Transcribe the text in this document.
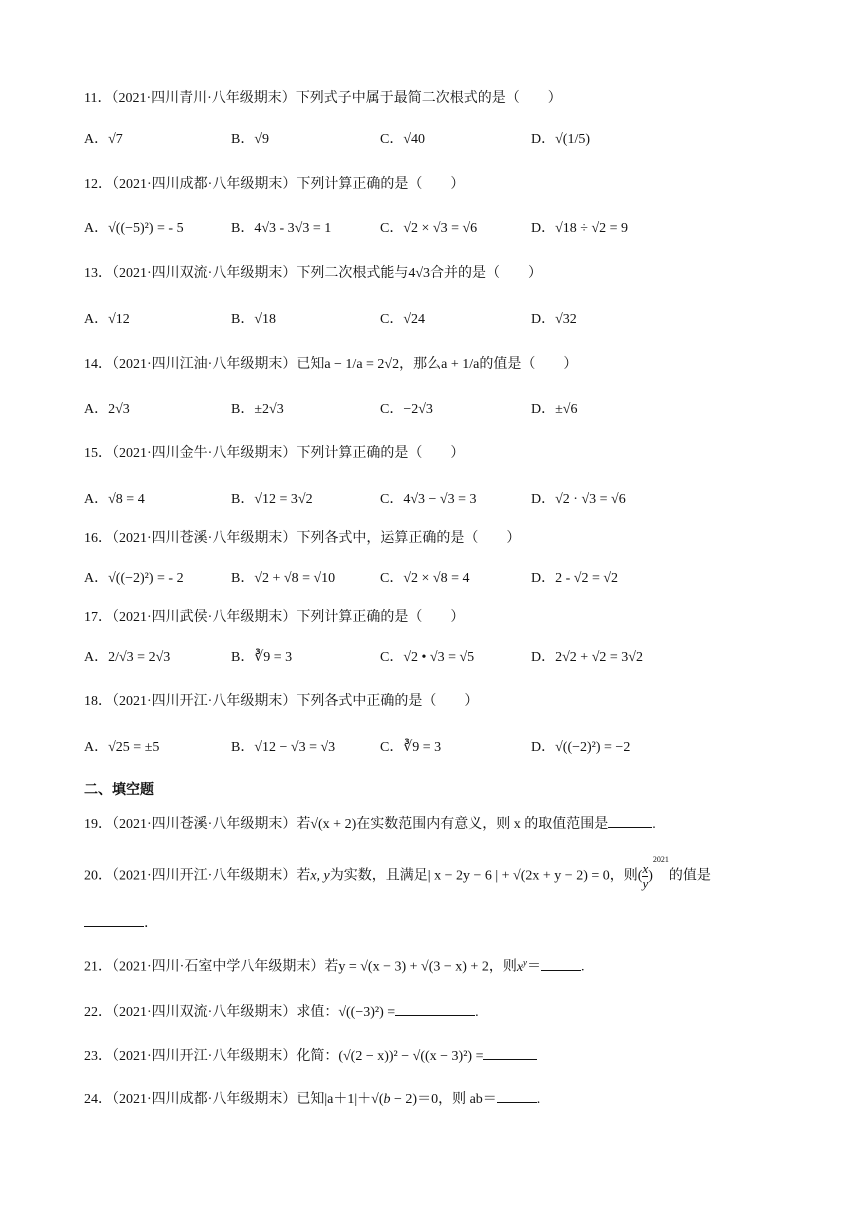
11．（2021·四川青川·八年级期末）下列式子中属于最简二次根式的是（　　）
A．√7	B．√9	C．√40	D．√(1/5)
12．（2021·四川成都·八年级期末）下列计算正确的是（　　）
A．√((−5)²) = - 5	B．4√3 - 3√3 = 1	C．√2 × √3 = √6	D．√18 ÷ √2 = 9
13．（2021·四川双流·八年级期末）下列二次根式能与4√3合并的是（　　）
A．√12	B．√18	C．√24	D．√32
14．（2021·四川江油·八年级期末）已知a − 1/a = 2√2，那么a + 1/a的值是（　　）
A．2√3	B．±2√3	C．−2√3	D．±√6
15．（2021·四川金牛·八年级期末）下列计算正确的是（　　）
A．√8 = 4	B．√12 = 3√2	C．4√3 − √3 = 3	D．√2 · √3 = √6
16．（2021·四川苍溪·八年级期末）下列各式中，运算正确的是（　　）
A．√((−2)²) = - 2	B．√2 + √8 = √10	C．√2 × √8 = 4	D．2 - √2 = √2
17．（2021·四川武侯·八年级期末）下列计算正确的是（　　）
A．2/√3 = 2√3	B．∛9 = 3	C．√2 • √3 = √5	D．2√2 + √2 = 3√2
18．（2021·四川开江·八年级期末）下列各式中正确的是（　　）
A．√25 = ±5	B．√12 − √3 = √3	C．∛9 = 3	D．√((−2)²) = −2
二、填空题
19．（2021·四川苍溪·八年级期末）若√(x + 2)在实数范围内有意义，则 x 的取值范围是	.
20．（2021·四川开江·八年级期末）若x, y为实数，且满足| x − 2y − 6 | + √(2x + y − 2) = 0，则( $\frac{x}{y} )^{2021}$的值是
.
21．（2021·四川·石室中学八年级期末）若y = √(x − 3) + √(3 − x) + 2，则$x^y=$	.
22．（2021·四川双流·八年级期末）求值：√((−3)²) =	.
23．（2021·四川开江·八年级期末）化简：(√(2 − x))² − √((x − 3)²) =
24．（2021·四川成都·八年级期末）已知|a＋1|＋√(b − 2)＝0，则 ab＝	.
